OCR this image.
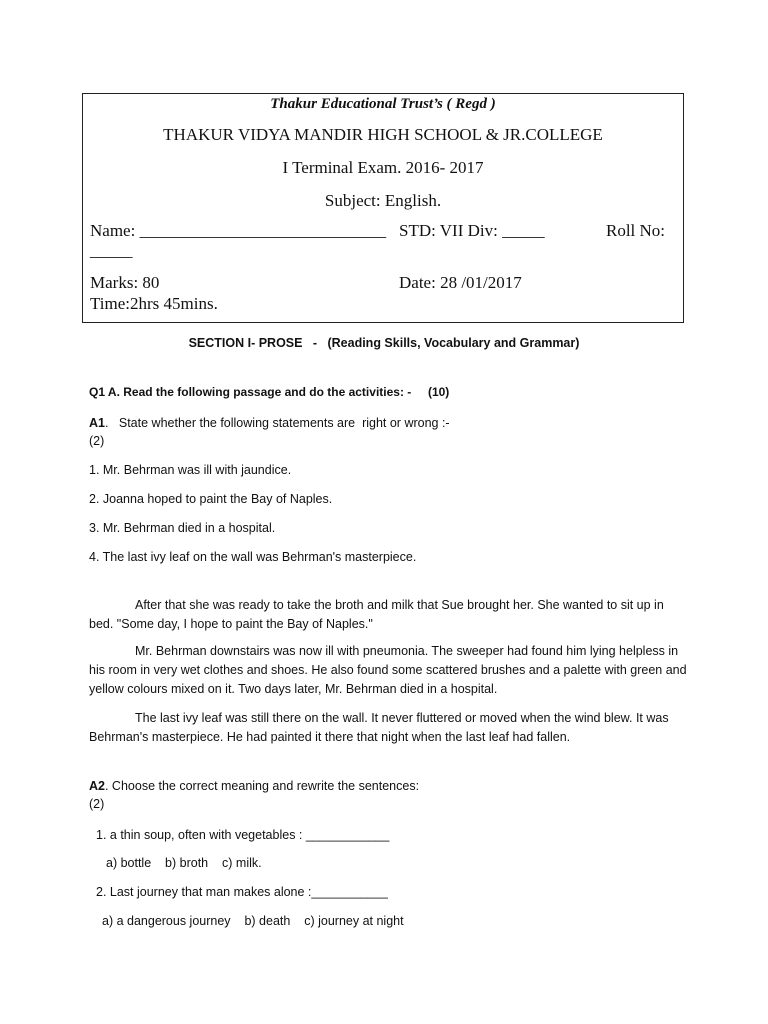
Thakur Educational Trust’s ( Regd )
THAKUR VIDYA MANDIR HIGH SCHOOL & JR.COLLEGE
I Terminal Exam. 2016- 2017
Subject: English.
Name: _____________________________ STD: VII Div: _____	Roll No:
_____
Marks: 80	Date: 28 /01/2017
Time:2hrs 45mins.
SECTION I- PROSE   -   (Reading Skills, Vocabulary and Grammar)
Q1 A. Read the following passage and do the activities: -     (10)
A1.   State whether the following statements are  right or wrong :-
(2)
1. Mr. Behrman was ill with jaundice.
2. Joanna hoped to paint the Bay of Naples.
3. Mr. Behrman died in a hospital.
4. The last ivy leaf on the wall was Behrman's masterpiece.
After that she was ready to take the broth and milk that Sue brought her. She wanted to sit up in bed. "Some day, I hope to paint the Bay of Naples."
Mr. Behrman downstairs was now ill with pneumonia. The sweeper had found him lying helpless in his room in very wet clothes and shoes. He also found some scattered brushes and a palette with green and yellow colours mixed on it. Two days later, Mr. Behrman died in a hospital.
The last ivy leaf was still there on the wall. It never fluttered or moved when the wind blew. It was Behrman's masterpiece. He had painted it there that night when the last leaf had fallen.
A2. Choose the correct meaning and rewrite the sentences:
(2)
1. a thin soup, often with vegetables : ____________
a) bottle    b) broth    c) milk.
2. Last journey that man makes alone :___________
a) a dangerous journey    b) death    c) journey at night
